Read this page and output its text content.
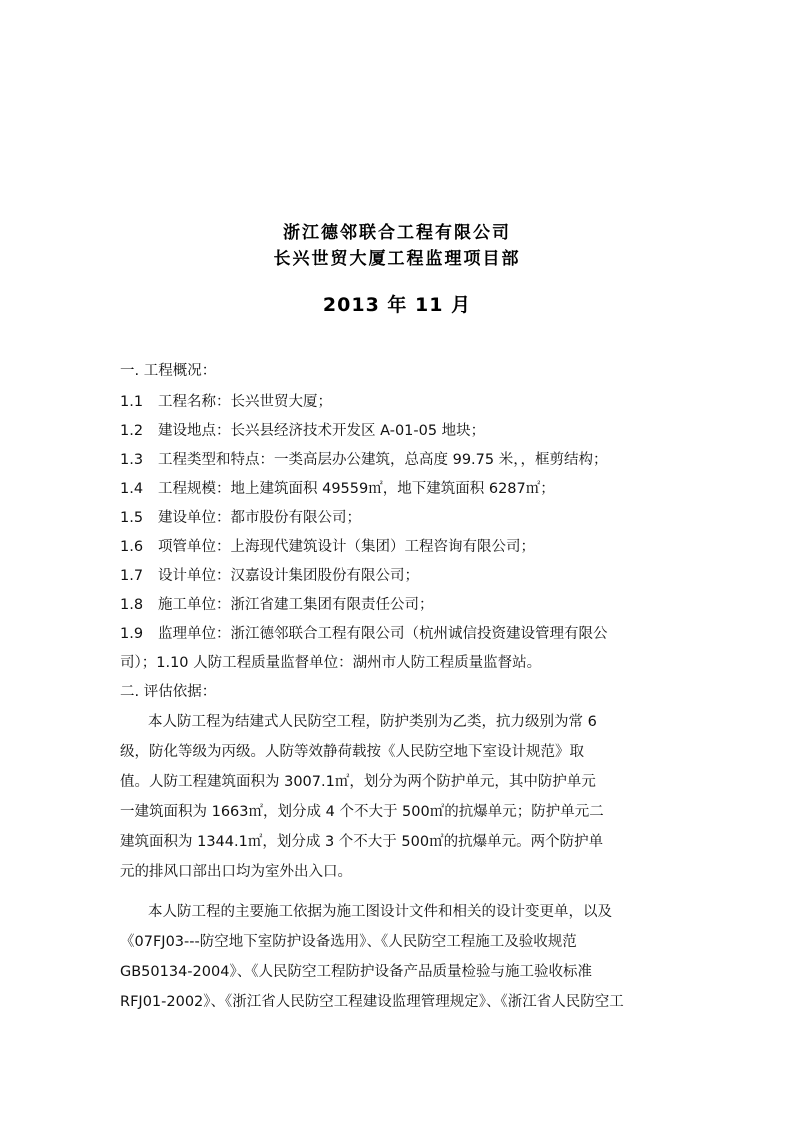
浙江德邻联合工程有限公司
长兴世贸大厦工程监理项目部
2013 年 11 月
一. 工程概况：
1.1 工程名称：长兴世贸大厦；
1.2 建设地点：长兴县经济技术开发区 A-01-05 地块；
1.3 工程类型和特点：一类高层办公建筑，总高度 99.75 米，，框剪结构；
1.4 工程规模：地上建筑面积 49559㎡，地下建筑面积 6287㎡；
1.5 建设单位：都市股份有限公司；
1.6 项管单位：上海现代建筑设计（集团）工程咨询有限公司；
1.7 设计单位：汉嘉设计集团股份有限公司；
1.8 施工单位：浙江省建工集团有限责任公司；
1.9 监理单位：浙江德邻联合工程有限公司（杭州诚信投资建设管理有限公
司）；1.10 人防工程质量监督单位：湖州市人防工程质量监督站。
二. 评估依据：
本人防工程为结建式人民防空工程，防护类别为乙类，抗力级别为常 6
级，防化等级为丙级。人防等效静荷载按《人民防空地下室设计规范》取
值。人防工程建筑面积为 3007.1㎡，划分为两个防护单元，其中防护单元
一建筑面积为 1663㎡，划分成 4 个不大于 500㎡的抗爆单元；防护单元二
建筑面积为 1344.1㎡，划分成 3 个不大于 500㎡的抗爆单元。两个防护单
元的排风口部出口均为室外出入口。
本人防工程的主要施工依据为施工图设计文件和相关的设计变更单，以及
《07FJ03---防空地下室防护设备选用》、《人民防空工程施工及验收规范
GB50134-2004》、《人民防空工程防护设备产品质量检验与施工验收标准
RFJ01-2002》、《浙江省人民防空工程建设监理管理规定》、《浙江省人民防空工
